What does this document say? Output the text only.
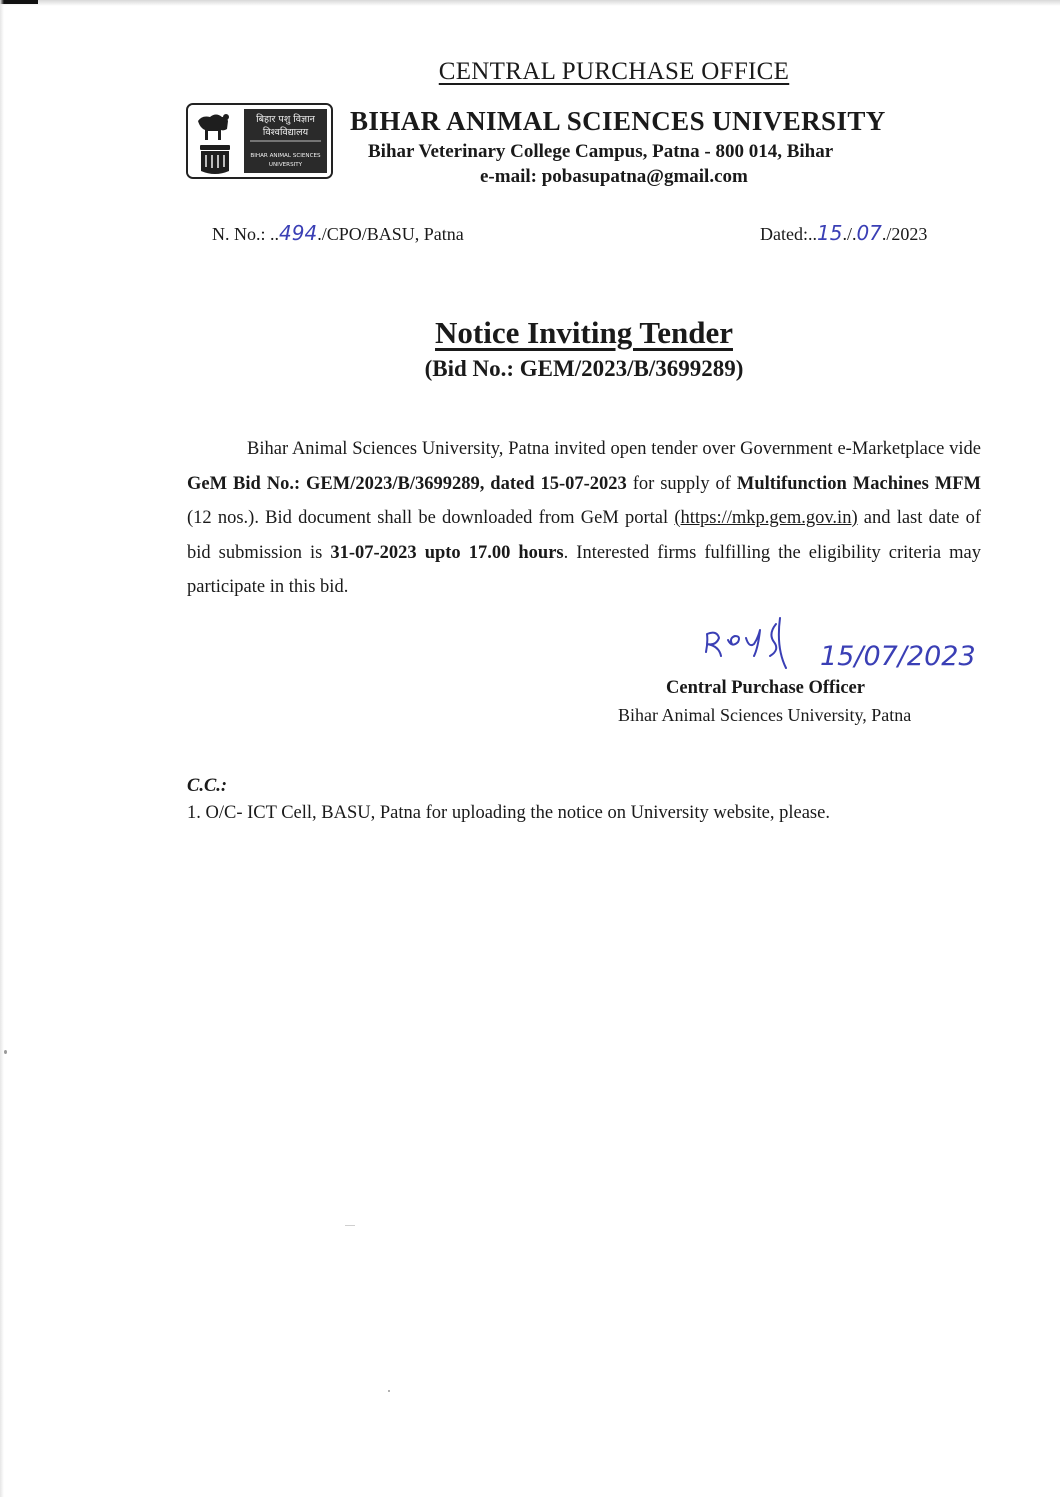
CENTRAL PURCHASE OFFICE
बिहार पशु विज्ञान
विश्वविद्यालय
BIHAR ANIMAL SCIENCES
UNIVERSITY
BIHAR ANIMAL SCIENCES UNIVERSITY
Bihar Veterinary College Campus, Patna - 800 014, Bihar
e-mail: pobasupatna@gmail.com
N. No.: ..494./CPO/BASU, Patna	Dated:..15./.07./2023
Notice Inviting Tender
(Bid No.: GEM/2023/B/3699289)

Bihar Animal Sciences University, Patna invited open tender over Government e-Marketplace vide GeM Bid No.: GEM/2023/B/3699289, dated 15-07-2023 for supply of Multifunction Machines MFM (12 nos.). Bid document shall be downloaded from GeM portal (https://mkp.gem.gov.in) and last date of bid submission is 31-07-2023 upto 17.00 hours. Interested firms fulfilling the eligibility criteria may participate in this bid.

15/07/2023
Central Purchase Officer
Bihar Animal Sciences University, Patna
C.C.:
1. O/C- ICT Cell, BASU, Patna for uploading the notice on University website, please.
